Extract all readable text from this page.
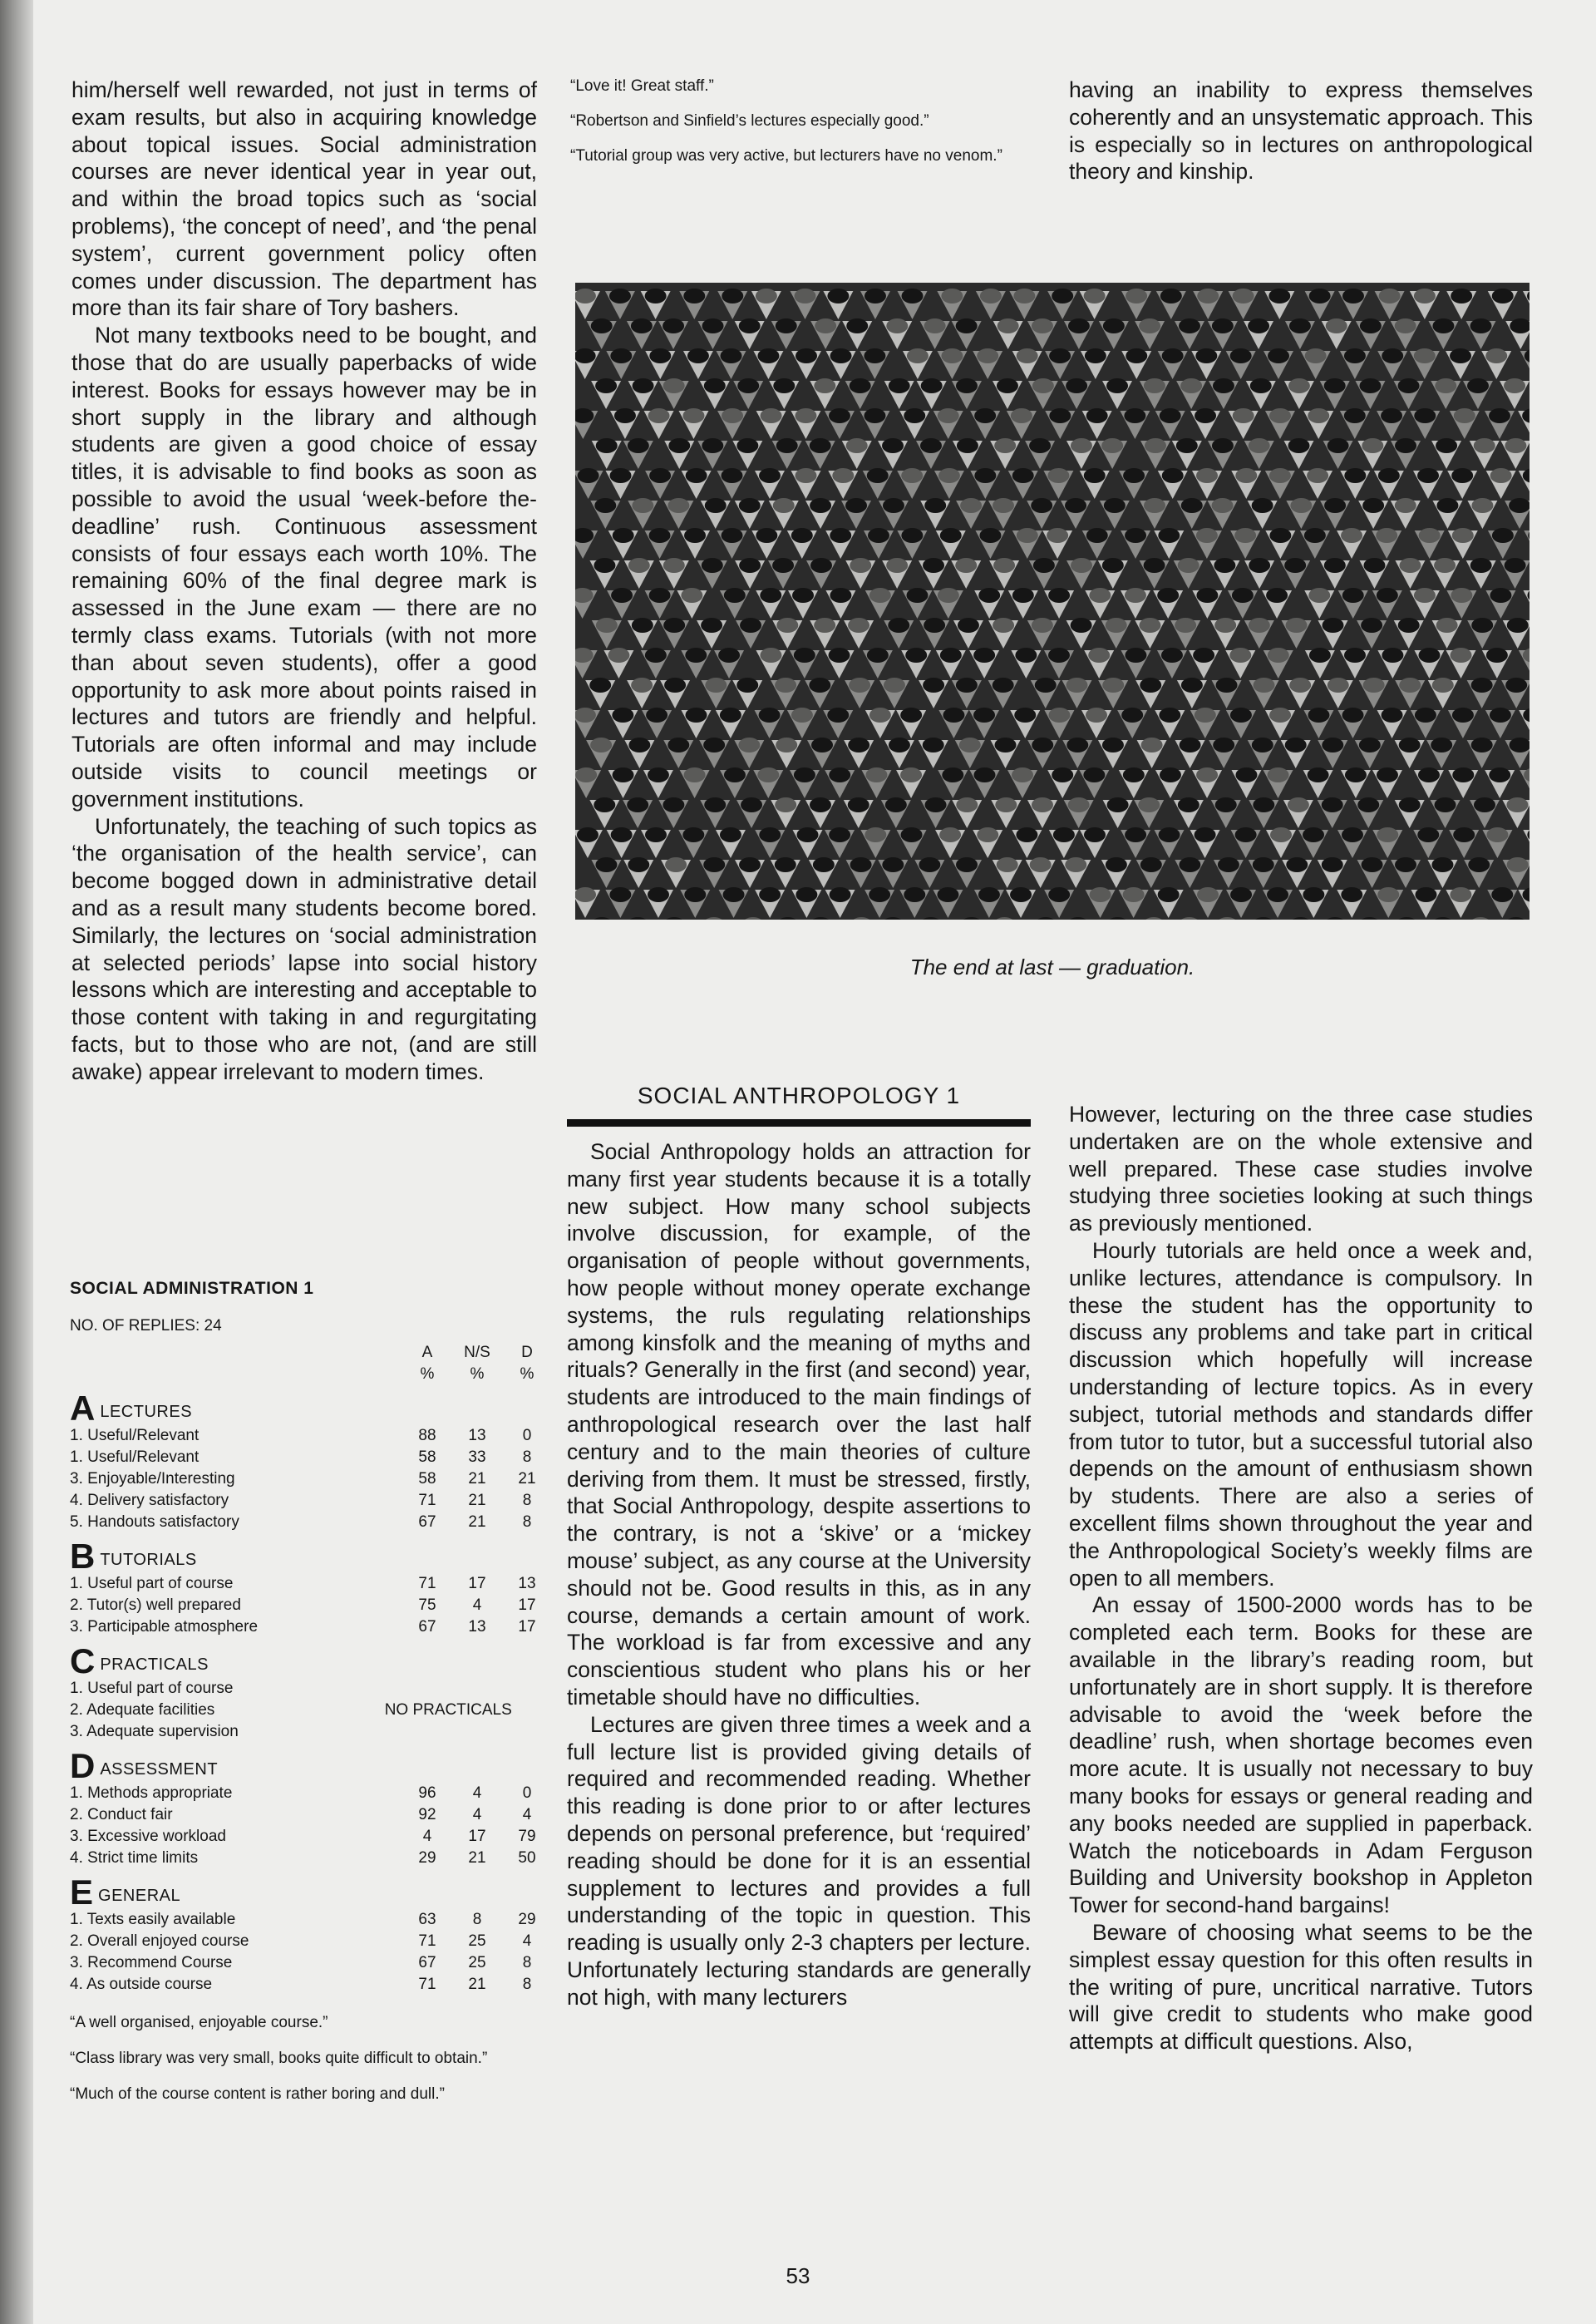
him/herself well rewarded, not just in terms of exam results, but also in acquiring knowledge about topical issues. Social administration courses are never identical year in year out, and within the broad topics such as ‘social problems), ‘the concept of need’, and ‘the penal system’, current government policy often comes under discussion. The department has more than its fair share of Tory bashers.

Not many textbooks need to be bought, and those that do are usually paperbacks of wide interest. Books for essays however may be in short supply in the library and although students are given a good choice of essay titles, it is advisable to find books as soon as possible to avoid the usual ‘week-before the-deadline’ rush. Continuous assessment consists of four essays each worth 10%. The remaining 60% of the final degree mark is assessed in the June exam — there are no termly class exams. Tutorials (with not more than about seven students), offer a good opportunity to ask more about points raised in lectures and tutors are friendly and helpful. Tutorials are often informal and may include outside visits to council meetings or government institutions.

Unfortunately, the teaching of such topics as ‘the organisation of the health service’, can become bogged down in administrative detail and as a result many students become bored. Similarly, the lectures on ‘social administration at selected periods’ lapse into social history lessons which are interesting and acceptable to those content with taking in and regurgitating facts, but to those who are not, (and are still awake) appear irrelevant to modern times.

SOCIAL ADMINISTRATION 1
NO. OF REPLIES: 24
	A	N/S	D
	%	%	%
ALECTURES
1. Useful/Relevant	88	13	0
1. Useful/Relevant	58	33	8
3. Enjoyable/Interesting	58	21	21
4. Delivery satisfactory	71	21	8
5. Handouts satisfactory	67	21	8
BTUTORIALS
1. Useful part of course	71	17	13
2. Tutor(s) well prepared	75	4	17
3. Participable atmosphere	67	13	17
CPRACTICALS
1. Useful part of course	
2. Adequate facilities	NO PRACTICALS
3. Adequate supervision	
DASSESSMENT
1. Methods appropriate	96	4	0
2. Conduct fair	92	4	4
3. Excessive workload	4	17	79
4. Strict time limits	29	21	50
EGENERAL
1. Texts easily available	63	8	29
2. Overall enjoyed course	71	25	4
3. Recommend Course	67	25	8
4. As outside course	71	21	8
“A well organised, enjoyable course.”
“Class library was very small, books quite difficult to obtain.”
“Much of the course content is rather boring and dull.”

“Love it! Great staff.”

“Robertson and Sinfield’s lectures especially good.”

“Tutorial group was very active, but lecturers have no venom.”

having an inability to express themselves coherently and an unsystematic approach. This is especially so in lectures on anthropological theory and kinship.

The end at last — graduation.
SOCIAL ANTHROPOLOGY 1

Social Anthropology holds an attraction for many first year students because it is a totally new subject. How many school subjects involve discussion, for example, of the organisation of people without governments, how people without money operate exchange systems, the ruls regulating relationships among kinsfolk and the meaning of myths and rituals? Generally in the first (and second) year, students are introduced to the main findings of anthropological research over the last half century and to the main theories of culture deriving from them. It must be stressed, firstly, that Social Anthropology, despite assertions to the contrary, is not a ‘skive’ or a ‘mickey mouse’ subject, as any course at the University should not be. Good results in this, as in any course, demands a certain amount of work. The workload is far from excessive and any conscientious student who plans his or her timetable should have no difficulties.

Lectures are given three times a week and a full lecture list is provided giving details of required and recommended reading. Whether this reading is done prior to or after lectures depends on personal preference, but ‘required’ reading should be done for it is an essential supplement to lectures and provides a full understanding of the topic in question. This reading is usually only 2-3 chapters per lecture. Unfortunately lecturing standards are generally not high, with many lecturers

However, lecturing on the three case studies undertaken are on the whole extensive and well prepared. These case studies involve studying three societies looking at such things as previously mentioned.

Hourly tutorials are held once a week and, unlike lectures, attendance is compulsory. In these the student has the opportunity to discuss any problems and take part in critical discussion which hopefully will increase understanding of lecture topics. As in every subject, tutorial methods and standards differ from tutor to tutor, but a successful tutorial also depends on the amount of enthusiasm shown by students. There are also a series of excellent films shown throughout the year and the Anthropological Society’s weekly films are open to all members.

An essay of 1500-2000 words has to be completed each term. Books for these are available in the library’s reading room, but unfortunately are in short supply. It is therefore advisable to avoid the ‘week before the deadline’ rush, when shortage becomes even more acute. It is usually not necessary to buy many books for essays or general reading and any books needed are supplied in paperback. Watch the noticeboards in Adam Ferguson Building and University bookshop in Appleton Tower for second-hand bargains!

Beware of choosing what seems to be the simplest essay question for this often results in the writing of pure, uncritical narrative. Tutors will give credit to students who make good attempts at difficult questions. Also,

53
